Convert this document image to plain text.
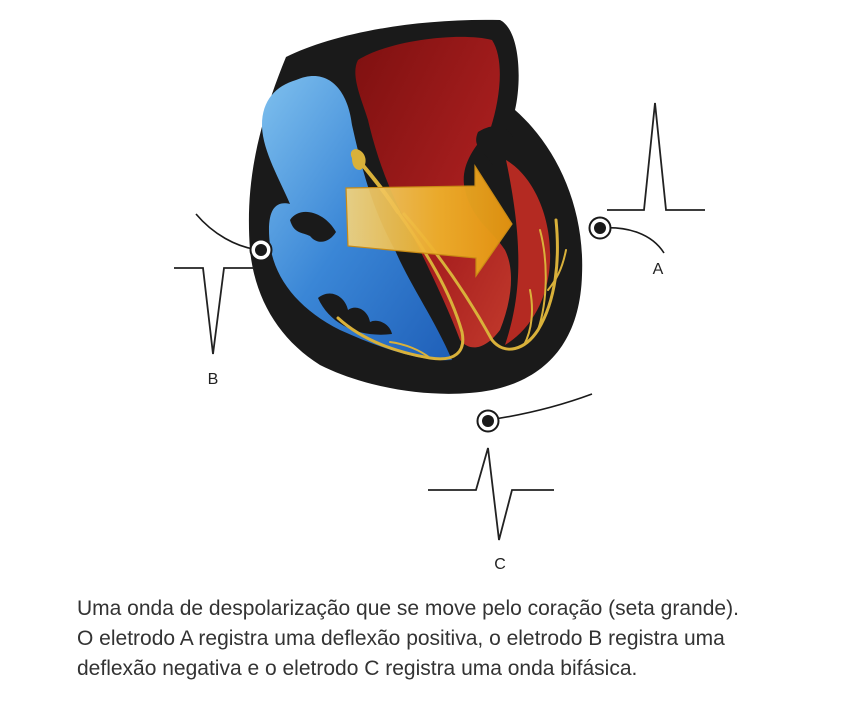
A
B
C

Uma onda de despolarização que se move pelo coração (seta grande).
O eletrodo A registra uma deflexão positiva, o eletrodo B registra uma
deflexão negativa e o eletrodo C registra uma onda bifásica.
